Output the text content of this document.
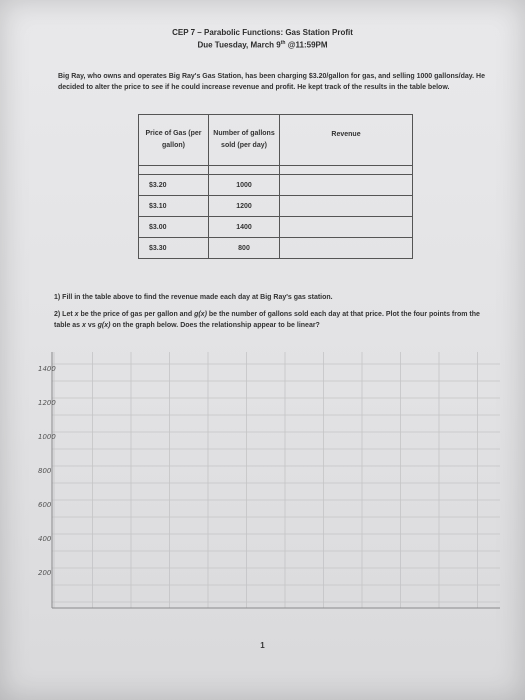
CEP 7 – Parabolic Functions: Gas Station Profit
Due Tuesday, March 9th @11:59PM
Big Ray, who owns and operates Big Ray's Gas Station, has been charging $3.20/gallon for gas, and selling 1000 gallons/day. He decided to alter the price to see if he could increase revenue and profit. He kept track of the results in the table below.
Price of Gas (per gallon)	Number of gallons sold (per day)	Revenue

$3.20	1000	
$3.10	1200	
$3.00	1400	
$3.30	800	
1) Fill in the table above to find the revenue made each day at Big Ray's gas station.
2) Let x be the price of gas per gallon and g(x) be the number of gallons sold each day at that price. Plot the four points from the table as x vs g(x) on the graph below. Does the relationship appear to be linear?
1400
1200
1000
800
600
400
200
1
